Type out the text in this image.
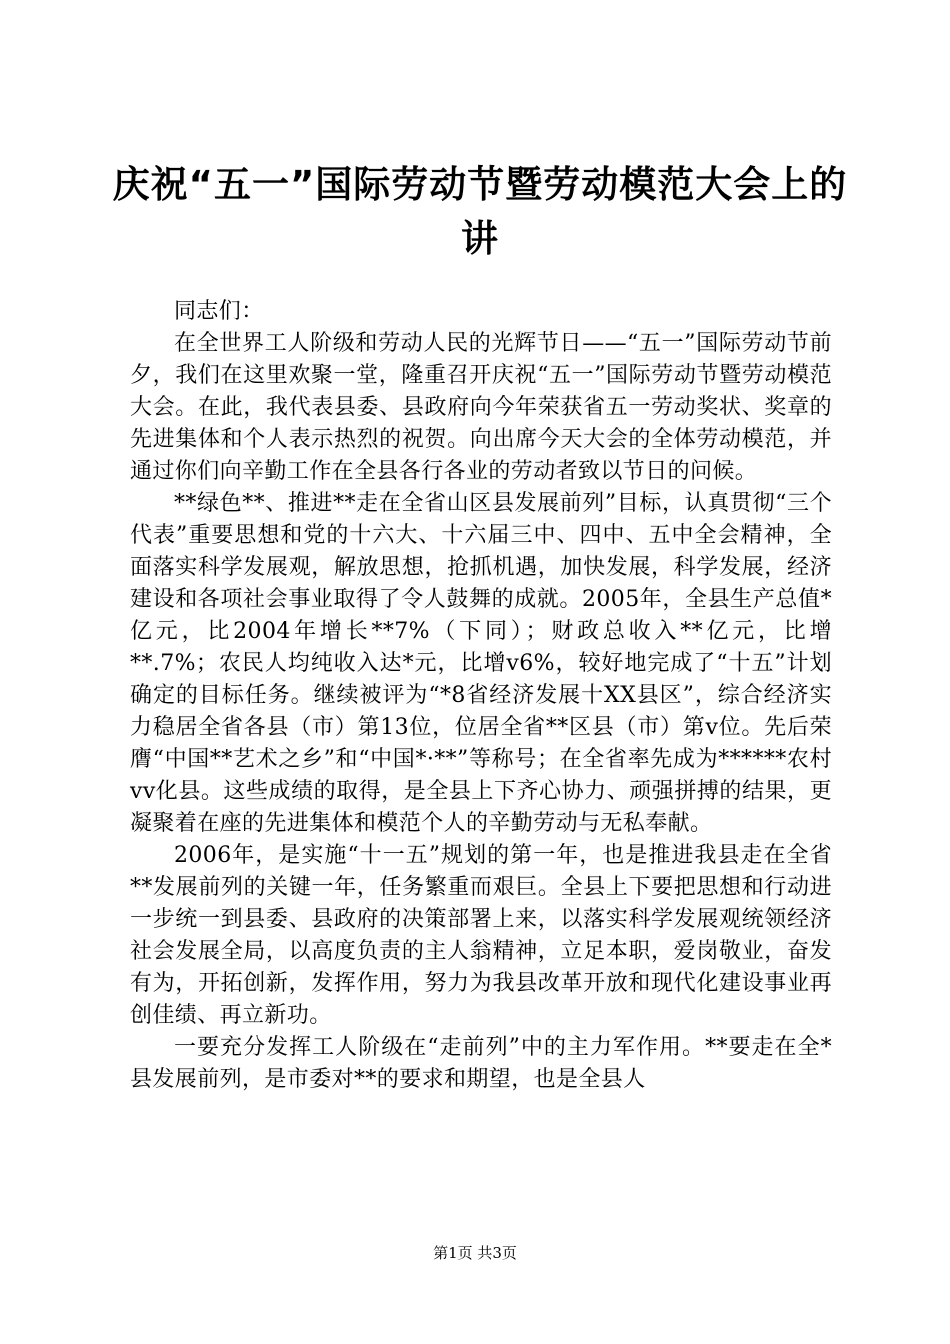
庆祝“五一”国际劳动节暨劳动模范大会上的讲

同志们：

在全世界工人阶级和劳动人民的光辉节日——“五一”国际劳动节前夕，我们在这里欢聚一堂，隆重召开庆祝“五一”国际劳动节暨劳动模范大会。在此，我代表县委、县政府向今年荣获省五一劳动奖状、奖章的先进集体和个人表示热烈的祝贺。向出席今天大会的全体劳动模范，并通过你们向辛勤工作在全县各行各业的劳动者致以节日的问候。

**绿色**、推进**走在全省山区县发展前列”目标，认真贯彻“三个代表”重要思想和党的十六大、十六届三中、四中、五中全会精神，全面落实科学发展观，解放思想，抢抓机遇，加快发展，科学发展，经济建设和各项社会事业取得了令人鼓舞的成就。2005年，全县生产总值*亿元，比2004年增长**7%（下同）；财政总收入**亿元，比增**.7%；农民人均纯收入达*元，比增v6%，较好地完成了“十五”计划确定的目标任务。继续被评为“*8省经济发展十XX县区”，综合经济实力稳居全省各县（市）第13位，位居全省**区县（市）第v位。先后荣膺“中国**艺术之乡”和“中国*·**”等称号；在全省率先成为******农村vv化县。这些成绩的取得，是全县上下齐心协力、顽强拼搏的结果，更凝聚着在座的先进集体和模范个人的辛勤劳动与无私奉献。

2006年，是实施“十一五”规划的第一年，也是推进我县走在全省**发展前列的关键一年，任务繁重而艰巨。全县上下要把思想和行动进一步统一到县委、县政府的决策部署上来，以落实科学发展观统领经济社会发展全局，以高度负责的主人翁精神，立足本职，爱岗敬业，奋发有为，开拓创新，发挥作用，努力为我县改革开放和现代化建设事业再创佳绩、再立新功。

一要充分发挥工人阶级在“走前列”中的主力军作用。**要走在全*县发展前列，是市委对**的要求和期望，也是全县人

第1页 共3页
